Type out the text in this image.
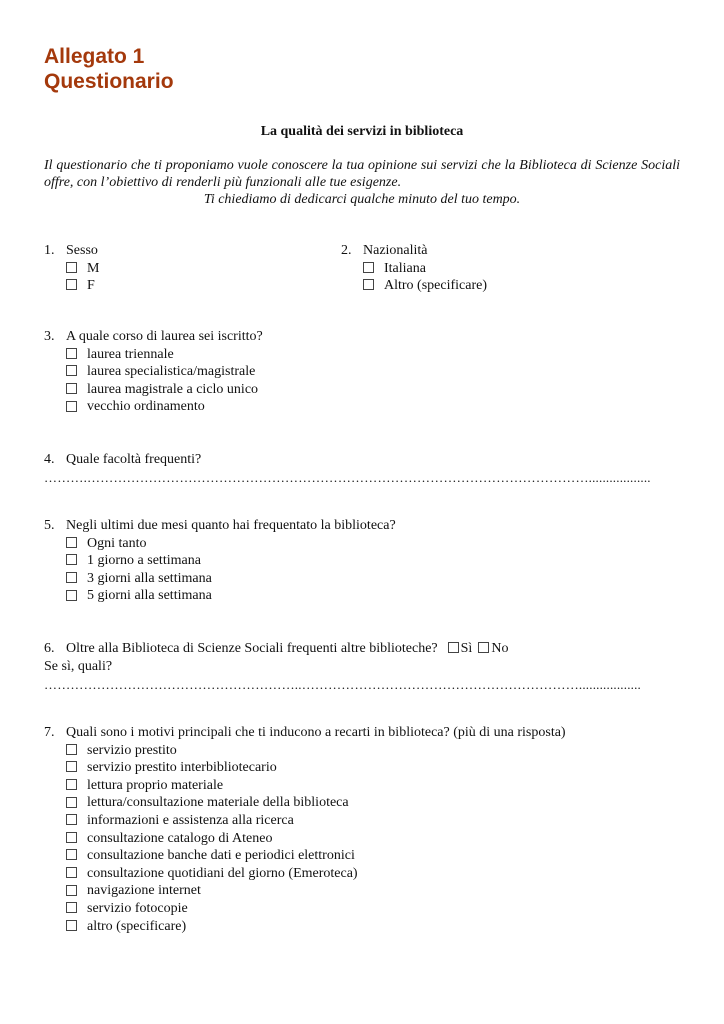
Allegato 1
Questionario
La qualità dei servizi in biblioteca
Il questionario che ti proponiamo vuole conoscere la tua opinione sui servizi che la Biblioteca di Scienze Sociali offre, con l’obiettivo di renderli più funzionali alle tue esigenze.
Ti chiediamo di dedicarci qualche minuto del tuo tempo.
1. Sesso
M
F
2. Nazionalità
Italiana
Altro (specificare)
3. A quale corso di laurea sei iscritto?
laurea triennale
laurea specialistica/magistrale
laurea magistrale a ciclo unico
vecchio ordinamento
4. Quale facoltà frequenti?
……….……………………………………………………………………………………………………..................
5. Negli ultimi due mesi quanto hai frequentato la biblioteca?
Ogni tanto
1 giorno a settimana
3 giorni alla settimana
5 giorni alla settimana
6. Oltre alla Biblioteca di Scienze Sociali frequenti altre biblioteche? Sì No
Se sì, quali?
…………………………………………………..………………………………………………………..................
7. Quali sono i motivi principali che ti inducono a recarti in biblioteca? (più di una risposta)
servizio prestito
servizio prestito interbibliotecario
lettura proprio materiale
lettura/consultazione materiale della biblioteca
informazioni e assistenza alla ricerca
consultazione catalogo di Ateneo
consultazione banche dati e periodici elettronici
consultazione quotidiani del giorno (Emeroteca)
navigazione internet
servizio fotocopie
altro (specificare)
